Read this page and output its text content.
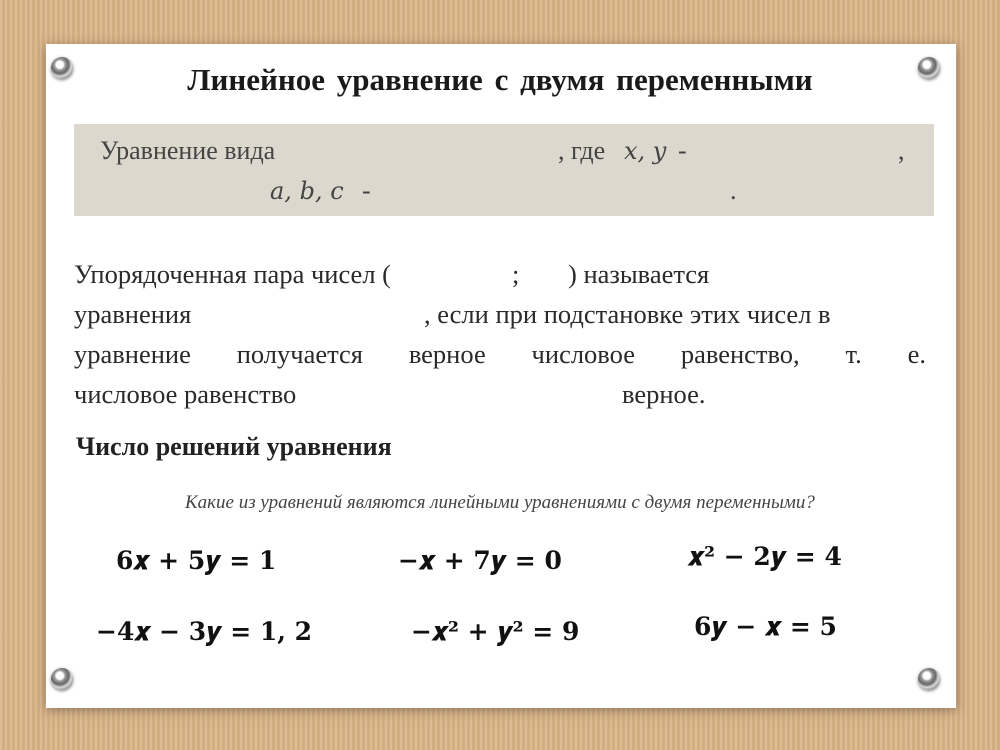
Линейное уравнение с двумя переменными
Уравнение вида	, где x, y -	,
a, b, c -	.
Упорядоченная пара чисел (	; ) называется
уравнения	, если при подстановке этих чисел в
уравнение получается верное числовое равенство, т. е.
числовое равенство	верное.
Число решений уравнения
Какие из уравнений являются линейными уравнениями с двумя переменными?
6𝒙 + 5𝒚 = 1	−𝒙 + 7𝒚 = 0	𝒙² − 2𝒚 = 4
−4𝒙 − 3𝒚 = 1, 2	−𝒙² + 𝒚² = 9	6𝒚 − 𝒙 = 5
